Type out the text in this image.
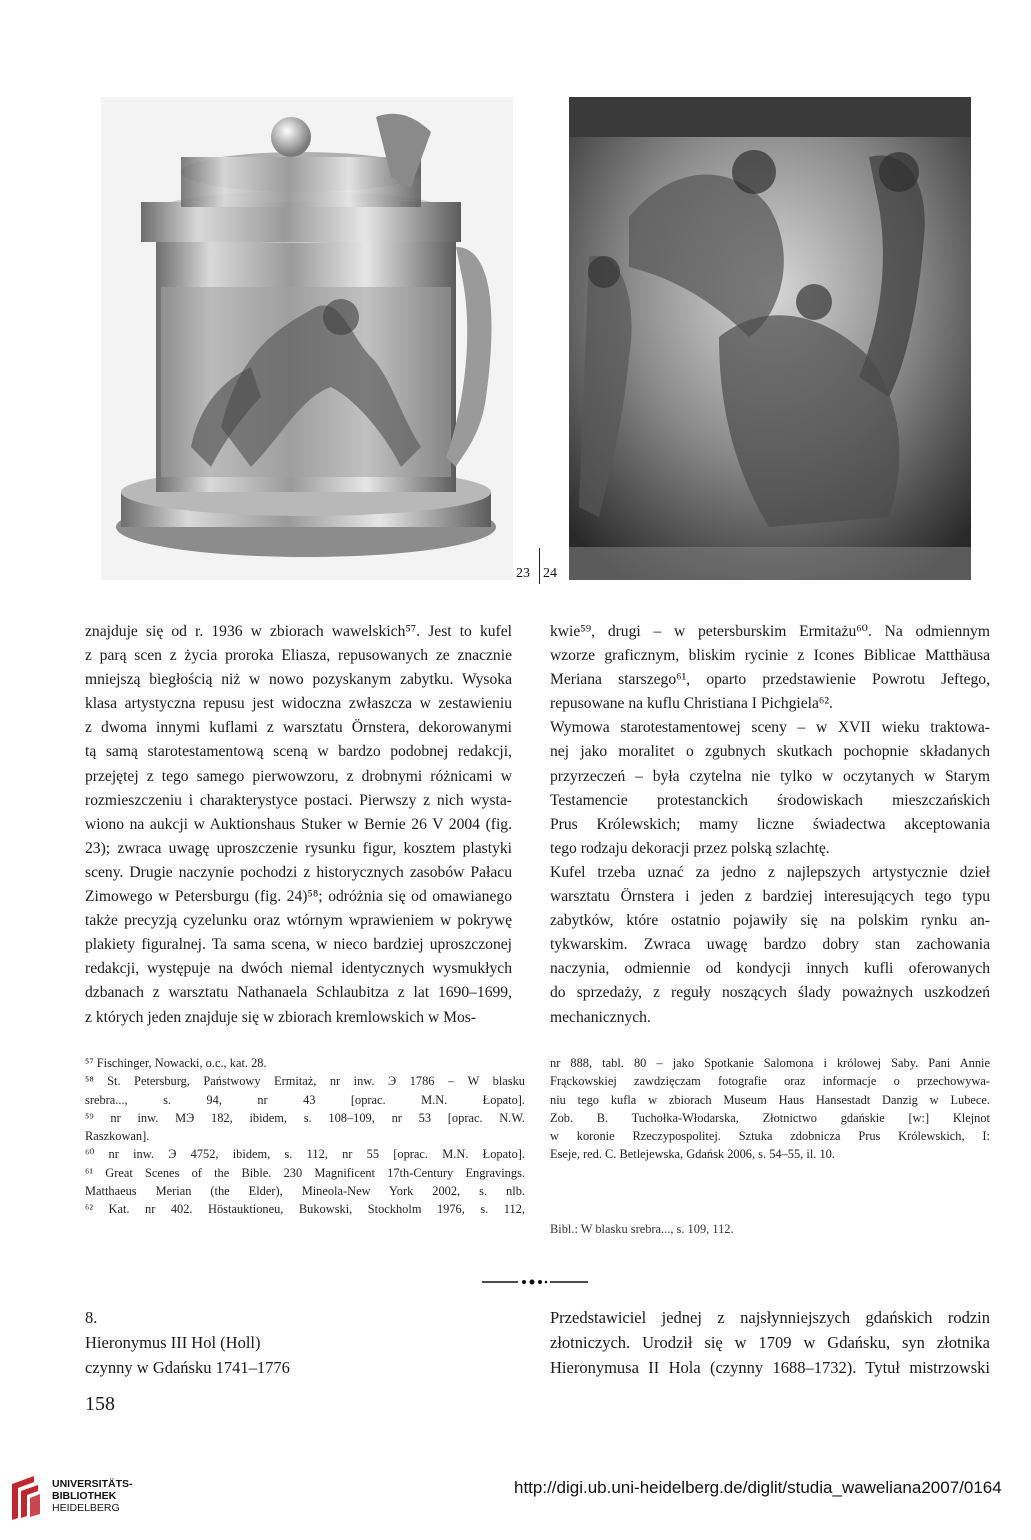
23 24
znajduje się od r. 1936 w zbiorach wawelskich⁵⁷. Jest to kufel
z parą scen z życia proroka Eliasza, repusowanych ze znacznie
mniejszą biegłością niż w nowo pozyskanym zabytku. Wysoka
klasa artystyczna repusu jest widoczna zwłaszcza w zestawieniu
z dwoma innymi kuflami z warsztatu Örnstera, dekorowanymi
tą samą starotestamentową sceną w bardzo podobnej redakcji,
przejętej z tego samego pierwowzoru, z drobnymi różnicami w
rozmieszczeniu i charakterystyce postaci. Pierwszy z nich wysta-
wiono na aukcji w Auktionshaus Stuker w Bernie 26 V 2004 (fig.
23); zwraca uwagę uproszczenie rysunku figur, kosztem plastyki
sceny. Drugie naczynie pochodzi z historycznych zasobów Pałacu
Zimowego w Petersburgu (fig. 24)⁵⁸; odróżnia się od omawianego
także precyzją cyzelunku oraz wtórnym wprawieniem w pokrywę
plakiety figuralnej. Ta sama scena, w nieco bardziej uproszczonej
redakcji, występuje na dwóch niemal identycznych wysmukłych
dzbanach z warsztatu Nathanaela Schlaubitza z lat 1690–1699,
z których jeden znajduje się w zbiorach kremlowskich w Mos-
kwie⁵⁹, drugi – w petersburskim Ermitażu⁶⁰. Na odmiennym
wzorze graficznym, bliskim rycinie z Icones Biblicae Matthäusa
Meriana starszego⁶¹, oparto przedstawienie Powrotu Jeftego,
repusowane na kuflu Christiana I Pichgiela⁶².
Wymowa starotestamentowej sceny – w XVII wieku traktowa-
nej jako moralitet o zgubnych skutkach pochopnie składanych
przyrzeczeń – była czytelna nie tylko w oczytanych w Starym
Testamencie protestanckich środowiskach mieszczańskich
Prus Królewskich; mamy liczne świadectwa akceptowania
tego rodzaju dekoracji przez polską szlachtę.
Kufel trzeba uznać za jedno z najlepszych artystycznie dzieł
warsztatu Örnstera i jeden z bardziej interesujących tego typu
zabytków, które ostatnio pojawiły się na polskim rynku an-
tykwarskim. Zwraca uwagę bardzo dobry stan zachowania
naczynia, odmiennie od kondycji innych kufli oferowanych
do sprzedaży, z reguły noszących ślady poważnych uszkodzeń
mechanicznych.
⁵⁷ Fischinger, Nowacki, o.c., kat. 28.
⁵⁸ St. Petersburg, Państwowy Ermitaż, nr inw. Э 1786 – W blasku
srebra..., s. 94, nr 43 [oprac. M.N. Łopato].
⁵⁹ nr inw. MЭ 182, ibidem, s. 108–109, nr 53 [oprac. N.W.
Raszkowan].
⁶⁰ nr inw. Э 4752, ibidem, s. 112, nr 55 [oprac. M.N. Łopato].
⁶¹ Great Scenes of the Bible. 230 Magnificent 17th-Century Engravings.
Matthaeus Merian (the Elder), Mineola-New York 2002, s. nlb.
⁶² Kat. nr 402. Höstauktioneu, Bukowski, Stockholm 1976, s. 112,
nr 888, tabl. 80 – jako Spotkanie Salomona i królowej Saby. Pani Annie
Frąckowskiej zawdzięczam fotografie oraz informacje o przechowywa-
niu tego kufla w zbiorach Museum Haus Hansestadt Danzig w Lubece.
Zob. B. Tuchołka-Włodarska, Złotnictwo gdańskie [w:] Klejnot
w koronie Rzeczypospolitej. Sztuka zdobnicza Prus Królewskich, I:
Eseje, red. C. Betlejewska, Gdańsk 2006, s. 54–55, il. 10.
Bibl.: W blasku srebra..., s. 109, 112.
8.
Hieronymus III Hol (Holl)
czynny w Gdańsku 1741–1776
Przedstawiciel jednej z najsłynniejszych gdańskich rodzin
złotniczych. Urodził się w 1709 w Gdańsku, syn złotnika
Hieronymusa II Hola (czynny 1688–1732). Tytuł mistrzowski
158
UNIVERSITÄTS-
BIBLIOTHEK
HEIDELBERG
http://digi.ub.uni-heidelberg.de/diglit/studia_waweliana2007/0164
